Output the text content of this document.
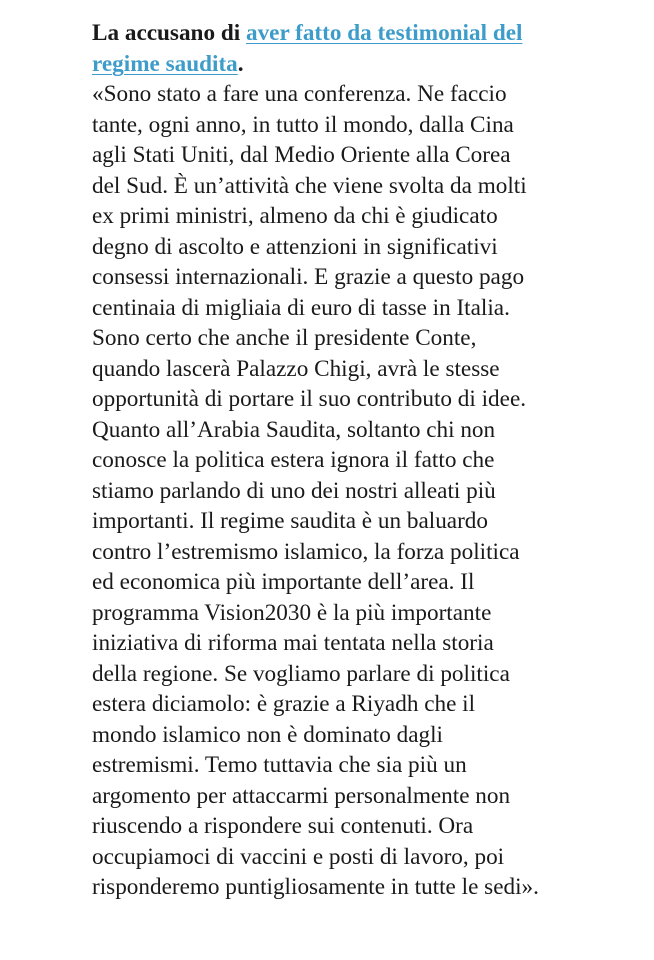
La accusano di aver fatto da testimonial del
regime saudita.

«Sono stato a fare una conferenza. Ne faccio
tante, ogni anno, in tutto il mondo, dalla Cina
agli Stati Uniti, dal Medio Oriente alla Corea
del Sud. È un’attività che viene svolta da molti
ex primi ministri, almeno da chi è giudicato
degno di ascolto e attenzioni in significativi
consessi internazionali. E grazie a questo pago
centinaia di migliaia di euro di tasse in Italia.
Sono certo che anche il presidente Conte,
quando lascerà Palazzo Chigi, avrà le stesse
opportunità di portare il suo contributo di idee.
Quanto all’Arabia Saudita, soltanto chi non
conosce la politica estera ignora il fatto che
stiamo parlando di uno dei nostri alleati più
importanti. Il regime saudita è un baluardo
contro l’estremismo islamico, la forza politica
ed economica più importante dell’area. Il
programma Vision2030 è la più importante
iniziativa di riforma mai tentata nella storia
della regione. Se vogliamo parlare di politica
estera diciamolo: è grazie a Riyadh che il
mondo islamico non è dominato dagli
estremismi. Temo tuttavia che sia più un
argomento per attaccarmi personalmente non
riuscendo a rispondere sui contenuti. Ora
occupiamoci di vaccini e posti di lavoro, poi
risponderemo puntigliosamente in tutte le sedi».
